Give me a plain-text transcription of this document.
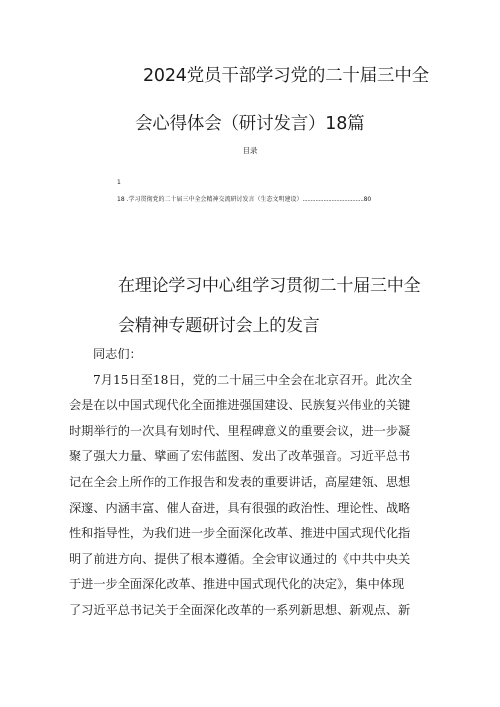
2024党员干部学习党的二十届三中全
会心得体会（研讨发言）18篇
目录
1
18 .学习贯彻党的二十届三中全会精神交流研讨发言（生态文明建设）......................................80
在理论学习中心组学习贯彻二十届三中全
会精神专题研讨会上的发言

同志们：

7月15日至18日，党的二十届三中全会在北京召开。此次全
会是在以中国式现代化全面推进强国建设、民族复兴伟业的关键
时期举行的一次具有划时代、里程碑意义的重要会议，进一步凝
聚了强大力量、擘画了宏伟蓝图、发出了改革强音。习近平总书
记在全会上所作的工作报告和发表的重要讲话，高屋建瓴、思想
深邃、内涵丰富、催人奋进，具有很强的政治性、理论性、战略
性和指导性，为我们进一步全面深化改革、推进中国式现代化指
明了前进方向、提供了根本遵循。全会审议通过的《中共中央关
于进一步全面深化改革、推进中国式现代化的决定》，集中体现
了习近平总书记关于全面深化改革的一系列新思想、新观点、新
